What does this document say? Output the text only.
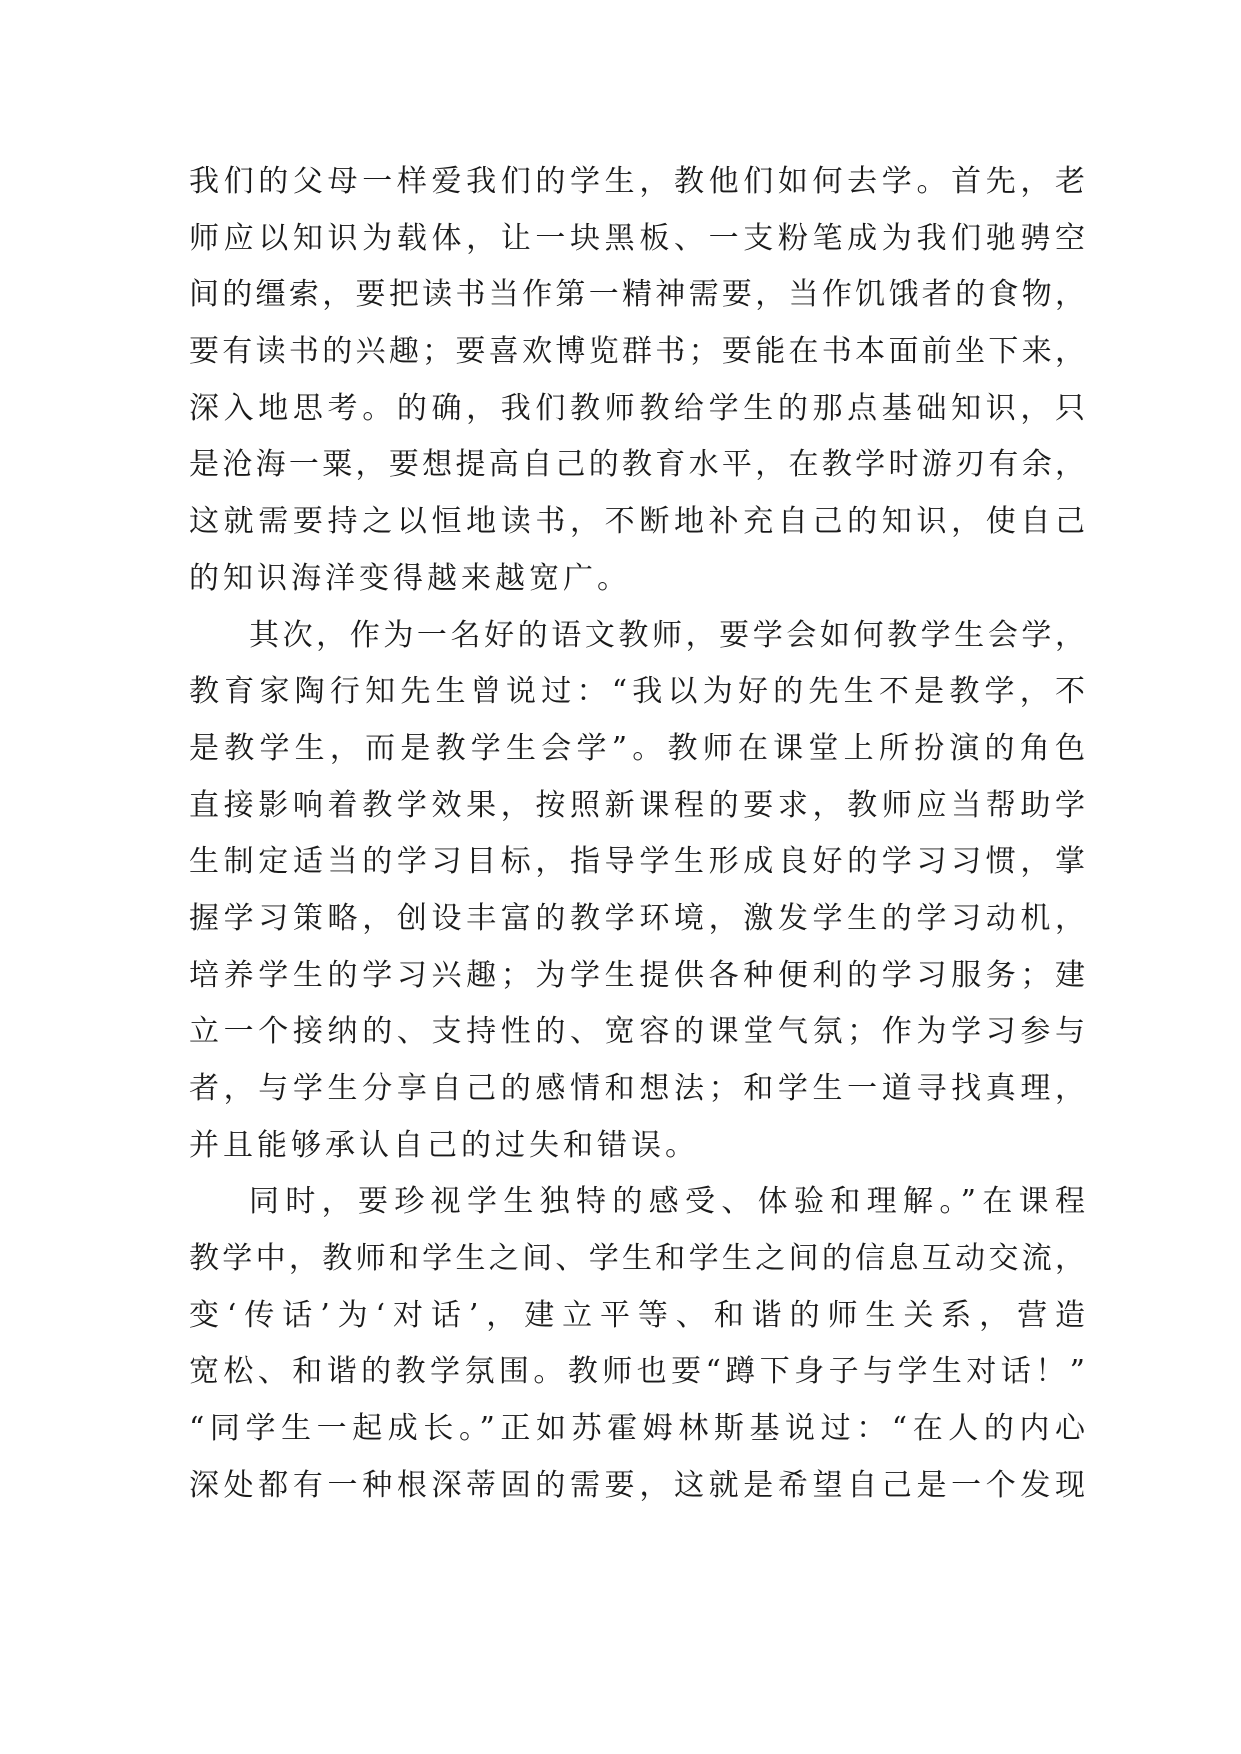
我们的父母一样爱我们的学生，教他们如何去学。首先，老
师应以知识为载体，让一块黑板、一支粉笔成为我们驰骋空
间的缰索，要把读书当作第一精神需要，当作饥饿者的食物，
要有读书的兴趣；要喜欢博览群书；要能在书本面前坐下来，
深入地思考。的确，我们教师教给学生的那点基础知识，只
是沧海一粟，要想提高自己的教育水平，在教学时游刃有余，
这就需要持之以恒地读书，不断地补充自己的知识，使自己
的知识海洋变得越来越宽广。
其次，作为一名好的语文教师，要学会如何教学生会学，
教育家陶行知先生曾说过：“我以为好的先生不是教学，不
是教学生，而是教学生会学”。教师在课堂上所扮演的角色
直接影响着教学效果，按照新课程的要求，教师应当帮助学
生制定适当的学习目标，指导学生形成良好的学习习惯，掌
握学习策略，创设丰富的教学环境，激发学生的学习动机，
培养学生的学习兴趣；为学生提供各种便利的学习服务；建
立一个接纳的、支持性的、宽容的课堂气氛；作为学习参与
者，与学生分享自己的感情和想法；和学生一道寻找真理，
并且能够承认自己的过失和错误。
同时，要珍视学生独特的感受、体验和理解。”在课程
教学中，教师和学生之间、学生和学生之间的信息互动交流，
变‘传话’为‘对话’，建立平等、和谐的师生关系，营造
宽松、和谐的教学氛围。教师也要“蹲下身子与学生对话！”
“同学生一起成长。”正如苏霍姆林斯基说过：“在人的内心
深处都有一种根深蒂固的需要，这就是希望自己是一个发现
